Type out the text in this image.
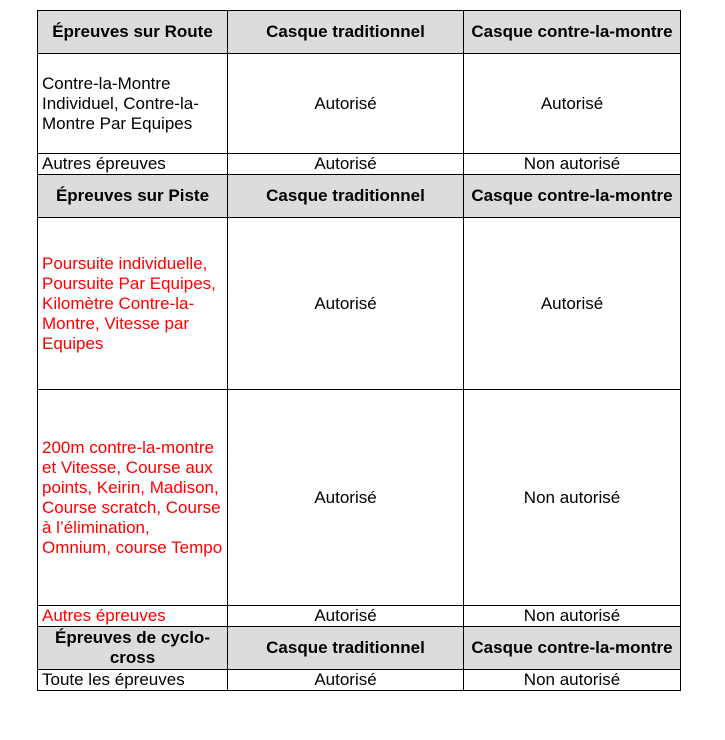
Épreuves sur Route	Casque traditionnel	Casque contre-la-montre
Contre-la-Montre Individuel, Contre-la-Montre Par Equipes	Autorisé	Autorisé
Autres épreuves	Autorisé	Non autorisé
Épreuves sur Piste	Casque traditionnel	Casque contre-la-montre
Poursuite individuelle, Poursuite Par Equipes, Kilomètre Contre-la-Montre, Vitesse par Equipes	Autorisé	Autorisé
200m contre-la-montre et Vitesse, Course aux points, Keirin, Madison, Course scratch, Course à l’élimination, Omnium, course Tempo	Autorisé	Non autorisé
Autres épreuves	Autorisé	Non autorisé
Épreuves de cyclo-cross	Casque traditionnel	Casque contre-la-montre
Toute les épreuves	Autorisé	Non autorisé
